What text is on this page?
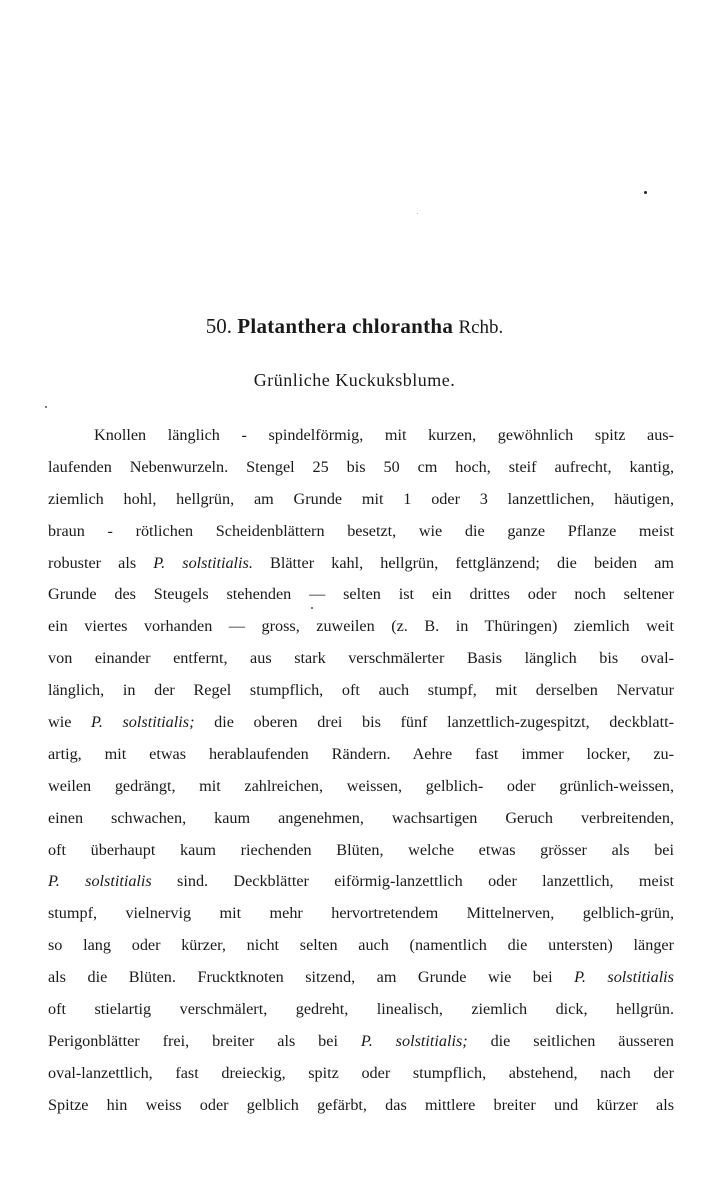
50. Platanthera chlorantha Rchb.
Grünliche Kuckuksblume.
Knollen länglich - spindelförmig, mit kurzen, gewöhnlich spitz aus-
laufenden Nebenwurzeln. Stengel 25 bis 50 cm hoch, steif aufrecht, kantig,
ziemlich hohl, hellgrün, am Grunde mit 1 oder 3 lanzettlichen, häutigen,
braun - rötlichen Scheidenblättern besetzt, wie die ganze Pflanze meist
robuster als P. solstitialis. Blätter kahl, hellgrün, fettglänzend; die beiden am
Grunde des Steugels stehenden — selten ist ein drittes oder noch seltener
ein viertes vorhanden — gross, zuweilen (z. B. in Thüringen) ziemlich weit
von einander entfernt, aus stark verschmälerter Basis länglich bis oval-
länglich, in der Regel stumpflich, oft auch stumpf, mit derselben Nervatur
wie P. solstitialis; die oberen drei bis fünf lanzettlich-zugespitzt, deckblatt-
artig, mit etwas herablaufenden Rändern. Aehre fast immer locker, zu-
weilen gedrängt, mit zahlreichen, weissen, gelblich- oder grünlich-weissen,
einen schwachen, kaum angenehmen, wachsartigen Geruch verbreitenden,
oft überhaupt kaum riechenden Blüten, welche etwas grösser als bei
P. solstitialis sind. Deckblätter eiförmig-lanzettlich oder lanzettlich, meist
stumpf, vielnervig mit mehr hervortretendem Mittelnerven, gelblich-grün,
so lang oder kürzer, nicht selten auch (namentlich die untersten) länger
als die Blüten. Frucktknoten sitzend, am Grunde wie bei P. solstitialis
oft stielartig verschmälert, gedreht, linealisch, ziemlich dick, hellgrün.
Perigonblätter frei, breiter als bei P. solstitialis; die seitlichen äusseren
oval-lanzettlich, fast dreieckig, spitz oder stumpflich, abstehend, nach der
Spitze hin weiss oder gelblich gefärbt, das mittlere breiter und kürzer als
